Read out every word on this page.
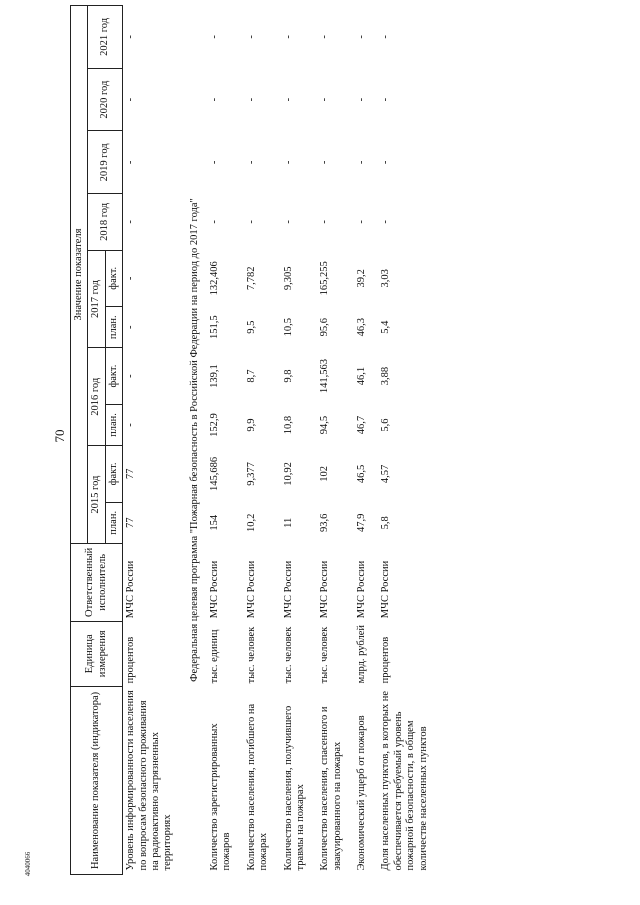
70
4040066	Наименование показателя (индикатора)	Единица измерения	Ответственный исполнитель	Значение показателя									
			2015 год		2016 год		2017 год		2018 год	2019 год	2020 год	2021 год
			план.	факт.	план.	факт.	план.	факт.				
Уровень информированности населения по вопросам безопасного проживания на радиоактивно загрязненных территориях	процентов	МЧС России	77	77	-	-	-	-	-	-	-	-
Федеральная целевая программа "Пожарная безопасность в Российской Федерации на период до 2017 года"												
Количество зарегистрированных пожаров	тыс. единиц	МЧС России	154	145,686	152,9	139,1	151,5	132,406	-	-	-	-
Количество населения, погибшего на пожарах	тыс. человек	МЧС России	10,2	9,377	9,9	8,7	9,5	7,782	-	-	-	-
Количество населения, получившего травмы на пожарах	тыс. человек	МЧС России	11	10,92	10,8	9,8	10,5	9,305	-	-	-	-
Количество населения, спасенного и эвакуированного на пожарах	тыс. человек	МЧС России	93,6	102	94,5	141,563	95,6	165,255	-	-	-	-
Экономический ущерб от пожаров	млрд. рублей	МЧС России	47,9	46,5	46,7	46,1	46,3	39,2	-	-	-	-
Доля населенных пунктов, в которых не обеспечивается требуемый уровень пожарной безопасности, в общем количестве населенных пунктов	процентов	МЧС России	5,8	4,57	5,6	3,88	5,4	3,03	-	-	-	-
